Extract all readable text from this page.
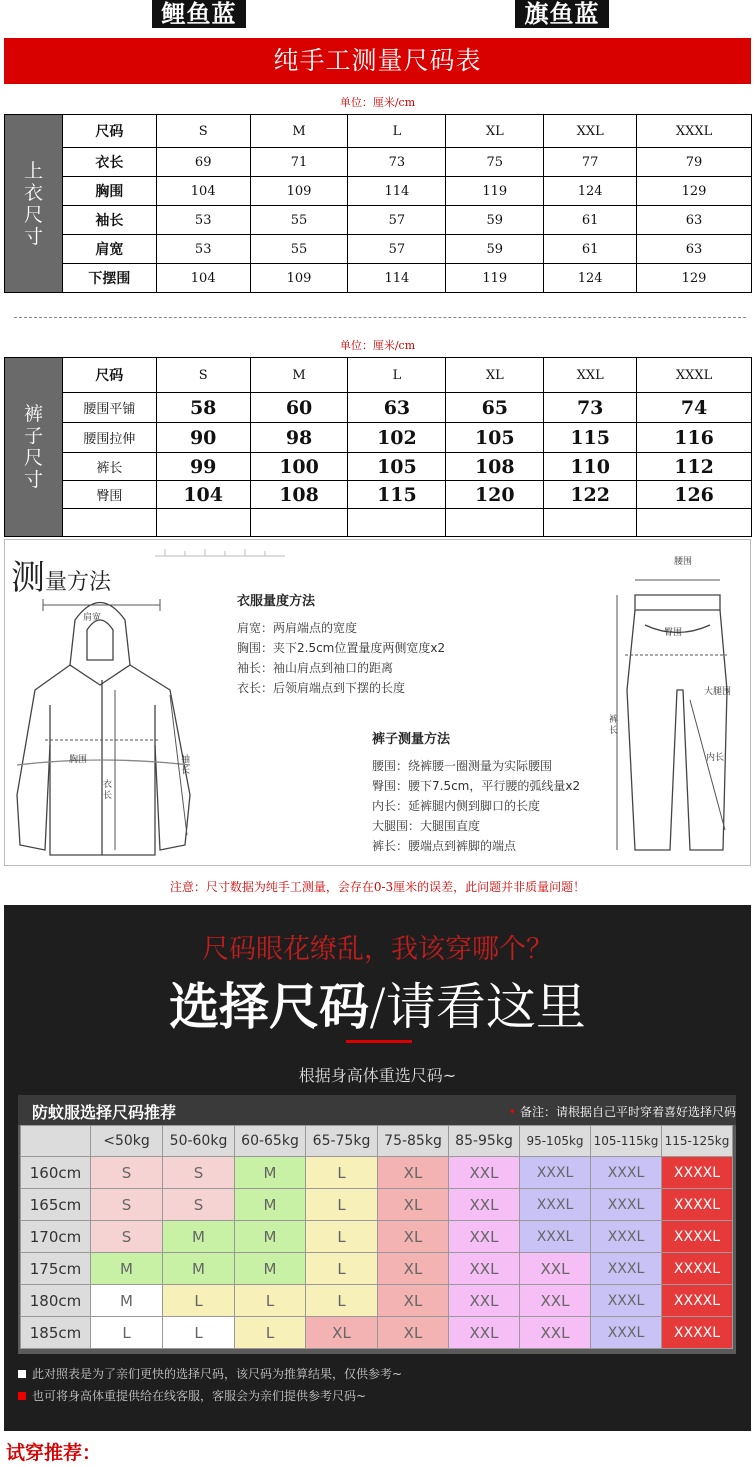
鲤鱼蓝	旗鱼蓝
纯手工测量尺码表
单位：厘米/cm
上
衣
尺
寸	尺码	S	M	L	XL	XXL	XXXL
	衣长	69	71	73	75	77	79
	胸围	104	109	114	119	124	129
	袖长	53	55	57	59	61	63
	肩宽	53	55	57	59	61	63
	下摆围	104	109	114	119	124	129
单位：厘米/cm
裤
子
尺
寸	尺码	S	M	L	XL	XXL	XXXL
	腰围平铺	58	60	63	65	73	74
	腰围拉伸	90	98	102	105	115	116
	裤长	99	100	105	108	110	112
	臀围	104	108	115	120	122	126

测量方法
肩宽
胸围
衣长
袖长
衣服量度方法
肩宽：两肩端点的宽度
胸围：夹下2.5cm位置量度两侧宽度x2
袖长：袖山肩点到袖口的距离
衣长：后领肩端点到下摆的长度
裤子测量方法
腰围：绕裤腰一圈测量为实际腰围
臀围：腰下7.5cm，平行腰的弧线量x2
内长：延裤腿内侧到脚口的长度
大腿围：大腿围直度
裤长：腰端点到裤脚的端点
腰围
臀围
大腿围
裤长
内长
注意：尺寸数据为纯手工测量，会存在0-3厘米的误差，此问题并非质量问题！
尺码眼花缭乱，我该穿哪个？
选择尺码/请看这里
根据身高体重选尺码~
防蚊服选择尺码推荐	• 备注：请根据自己平时穿着喜好选择尺码
	<50kg	50-60kg	60-65kg	65-75kg	75-85kg	85-95kg	95-105kg	105-115kg	115-125kg
160cm	S	S	M	L	XL	XXL	XXXL	XXXL	XXXXL
165cm	S	S	M	L	XL	XXL	XXXL	XXXL	XXXXL
170cm	S	M	M	L	XL	XXL	XXXL	XXXL	XXXXL
175cm	M	M	M	L	XL	XXL	XXL	XXXL	XXXXL
180cm	M	L	L	L	XL	XXL	XXL	XXXL	XXXXL
185cm	L	L	L	XL	XL	XXL	XXL	XXXL	XXXXL
此对照表是为了亲们更快的选择尺码，该尺码为推算结果，仅供参考~
也可将身高体重提供给在线客服，客服会为亲们提供参考尺码~
试穿推荐：
